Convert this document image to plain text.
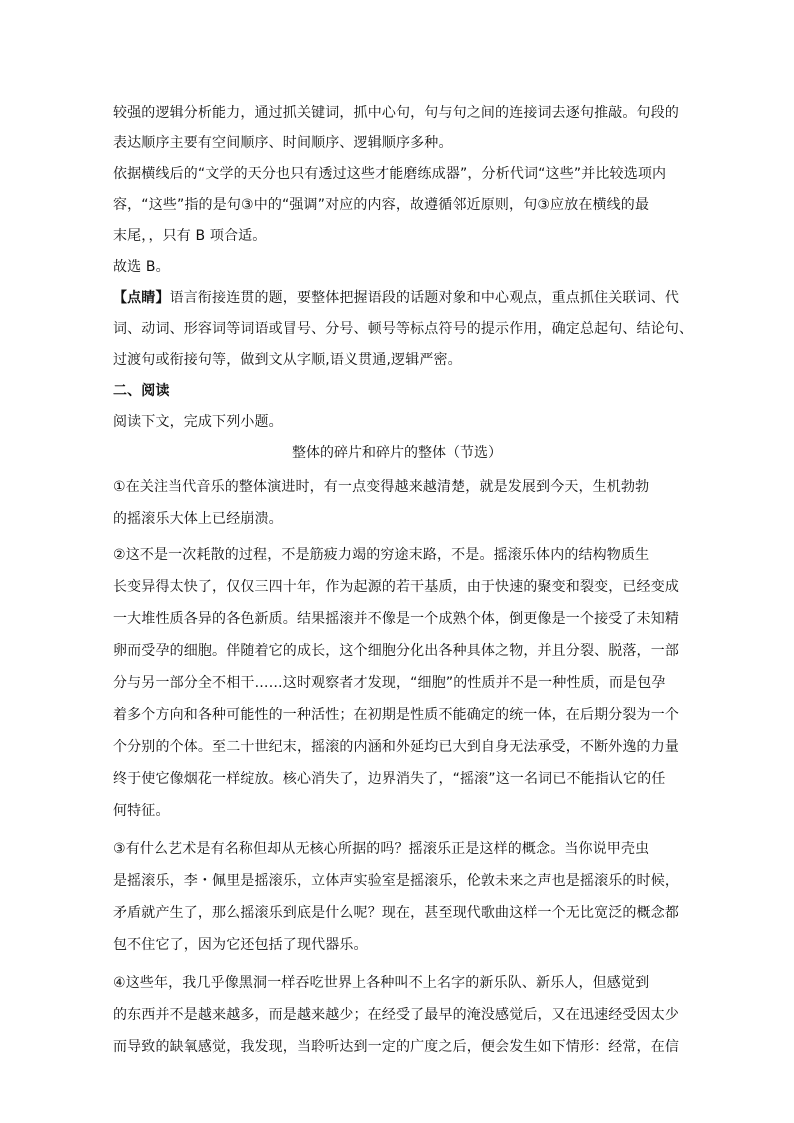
较强的逻辑分析能力，通过抓关键词，抓中心句，句与句之间的连接词去逐句推敲。句段的
表达顺序主要有空间顺序、时间顺序、逻辑顺序多种。
依据横线后的“文学的天分也只有透过这些才能磨练成器”，分析代词“这些”并比较选项内
容，“这些”指的是句③中的“强调”对应的内容，故遵循邻近原则，句③应放在横线的最
末尾，，只有 B 项合适。
故选 B。
【点睛】语言衔接连贯的题，要整体把握语段的话题对象和中心观点，重点抓住关联词、代
词、动词、形容词等词语或冒号、分号、顿号等标点符号的提示作用，确定总起句、结论句、
过渡句或衔接句等，做到文从字顺,语义贯通,逻辑严密。
二、阅读
阅读下文，完成下列小题。
整体的碎片和碎片的整体（节选）
①在关注当代音乐的整体演进时，有一点变得越来越清楚，就是发展到今天，生机勃勃
的摇滚乐大体上已经崩溃。
②这不是一次耗散的过程，不是筋疲力竭的穷途末路，不是。摇滚乐体内的结构物质生
长变异得太快了，仅仅三四十年，作为起源的若干基质，由于快速的聚变和裂变，已经变成
一大堆性质各异的各色新质。结果摇滚并不像是一个成熟个体，倒更像是一个接受了未知精
卵而受孕的细胞。伴随着它的成长，这个细胞分化出各种具体之物，并且分裂、脱落，一部
分与另一部分全不相干……这时观察者才发现，“细胞”的性质并不是一种性质，而是包孕
着多个方向和各种可能性的一种活性；在初期是性质不能确定的统一体，在后期分裂为一个
个分别的个体。至二十世纪末，摇滚的内涵和外延均已大到自身无法承受，不断外逸的力量
终于使它像烟花一样绽放。核心消失了，边界消失了，“摇滚”这一名词已不能指认它的任
何特征。
③有什么艺术是有名称但却从无核心所据的吗？摇滚乐正是这样的概念。当你说甲壳虫
是摇滚乐，李・佩里是摇滚乐，立体声实验室是摇滚乐，伦敦未来之声也是摇滚乐的时候，
矛盾就产生了，那么摇滚乐到底是什么呢？现在，甚至现代歌曲这样一个无比宽泛的概念都
包不住它了，因为它还包括了现代器乐。
④这些年，我几乎像黑洞一样吞吃世界上各种叫不上名字的新乐队、新乐人，但感觉到
的东西并不是越来越多，而是越来越少；在经受了最早的淹没感觉后，又在迅速经受因太少
而导致的缺氧感觉，我发现，当聆听达到一定的广度之后，便会发生如下情形：经常，在信
